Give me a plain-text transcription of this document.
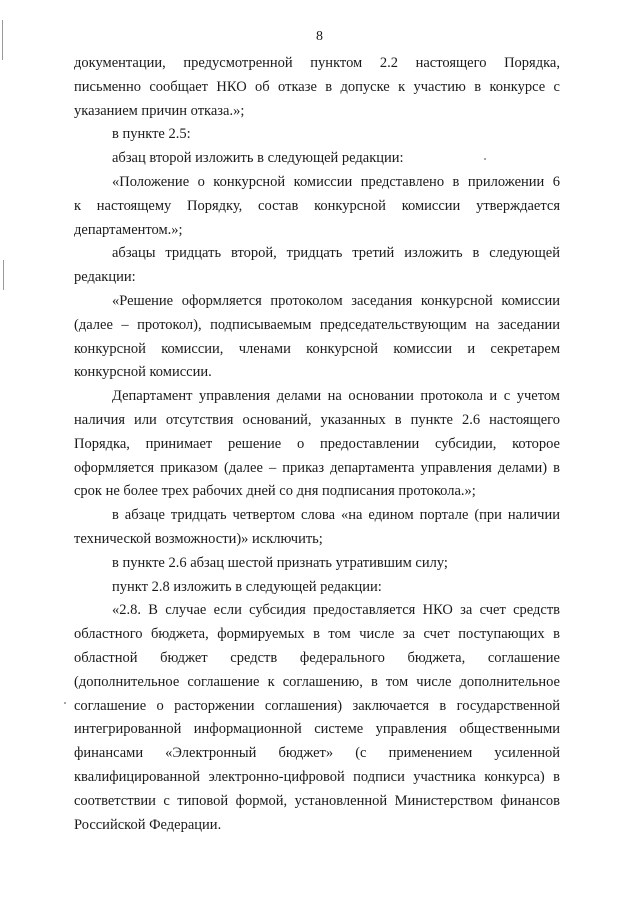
8

документации, предусмотренной пунктом 2.2 настоящего Порядка,

письменно сообщает НКО об отказе в допуске к участию в конкурсе с

указанием причин отказа.»;

в пункте 2.5:

абзац второй изложить в следующей редакции:

«Положение о конкурсной комиссии представлено в приложении 6

к настоящему Порядку, состав конкурсной комиссии утверждается

департаментом.»;

абзацы тридцать второй, тридцать третий изложить в следующей

редакции:

«Решение оформляется протоколом заседания конкурсной комиссии

(далее – протокол), подписываемым председательствующим на заседании

конкурсной комиссии, членами конкурсной комиссии и секретарем

конкурсной комиссии.

Департамент управления делами на основании протокола и с учетом

наличия или отсутствия оснований, указанных в пункте 2.6 настоящего

Порядка, принимает решение о предоставлении субсидии, которое

оформляется приказом (далее – приказ департамента управления делами) в

срок не более трех рабочих дней со дня подписания протокола.»;

в абзаце тридцать четвертом слова «на едином портале (при наличии

технической возможности)» исключить;

в пункте 2.6 абзац шестой признать утратившим силу;

пункт 2.8 изложить в следующей редакции:

«2.8. В случае если субсидия предоставляется НКО за счет средств

областного бюджета, формируемых в том числе за счет поступающих в

областной бюджет средств федерального бюджета, соглашение

(дополнительное соглашение к соглашению, в том числе дополнительное

соглашение о расторжении соглашения) заключается в государственной

интегрированной информационной системе управления общественными

финансами «Электронный бюджет» (с применением усиленной

квалифицированной электронно-цифровой подписи участника конкурса) в

соответствии с типовой формой, установленной Министерством финансов

Российской Федерации.
